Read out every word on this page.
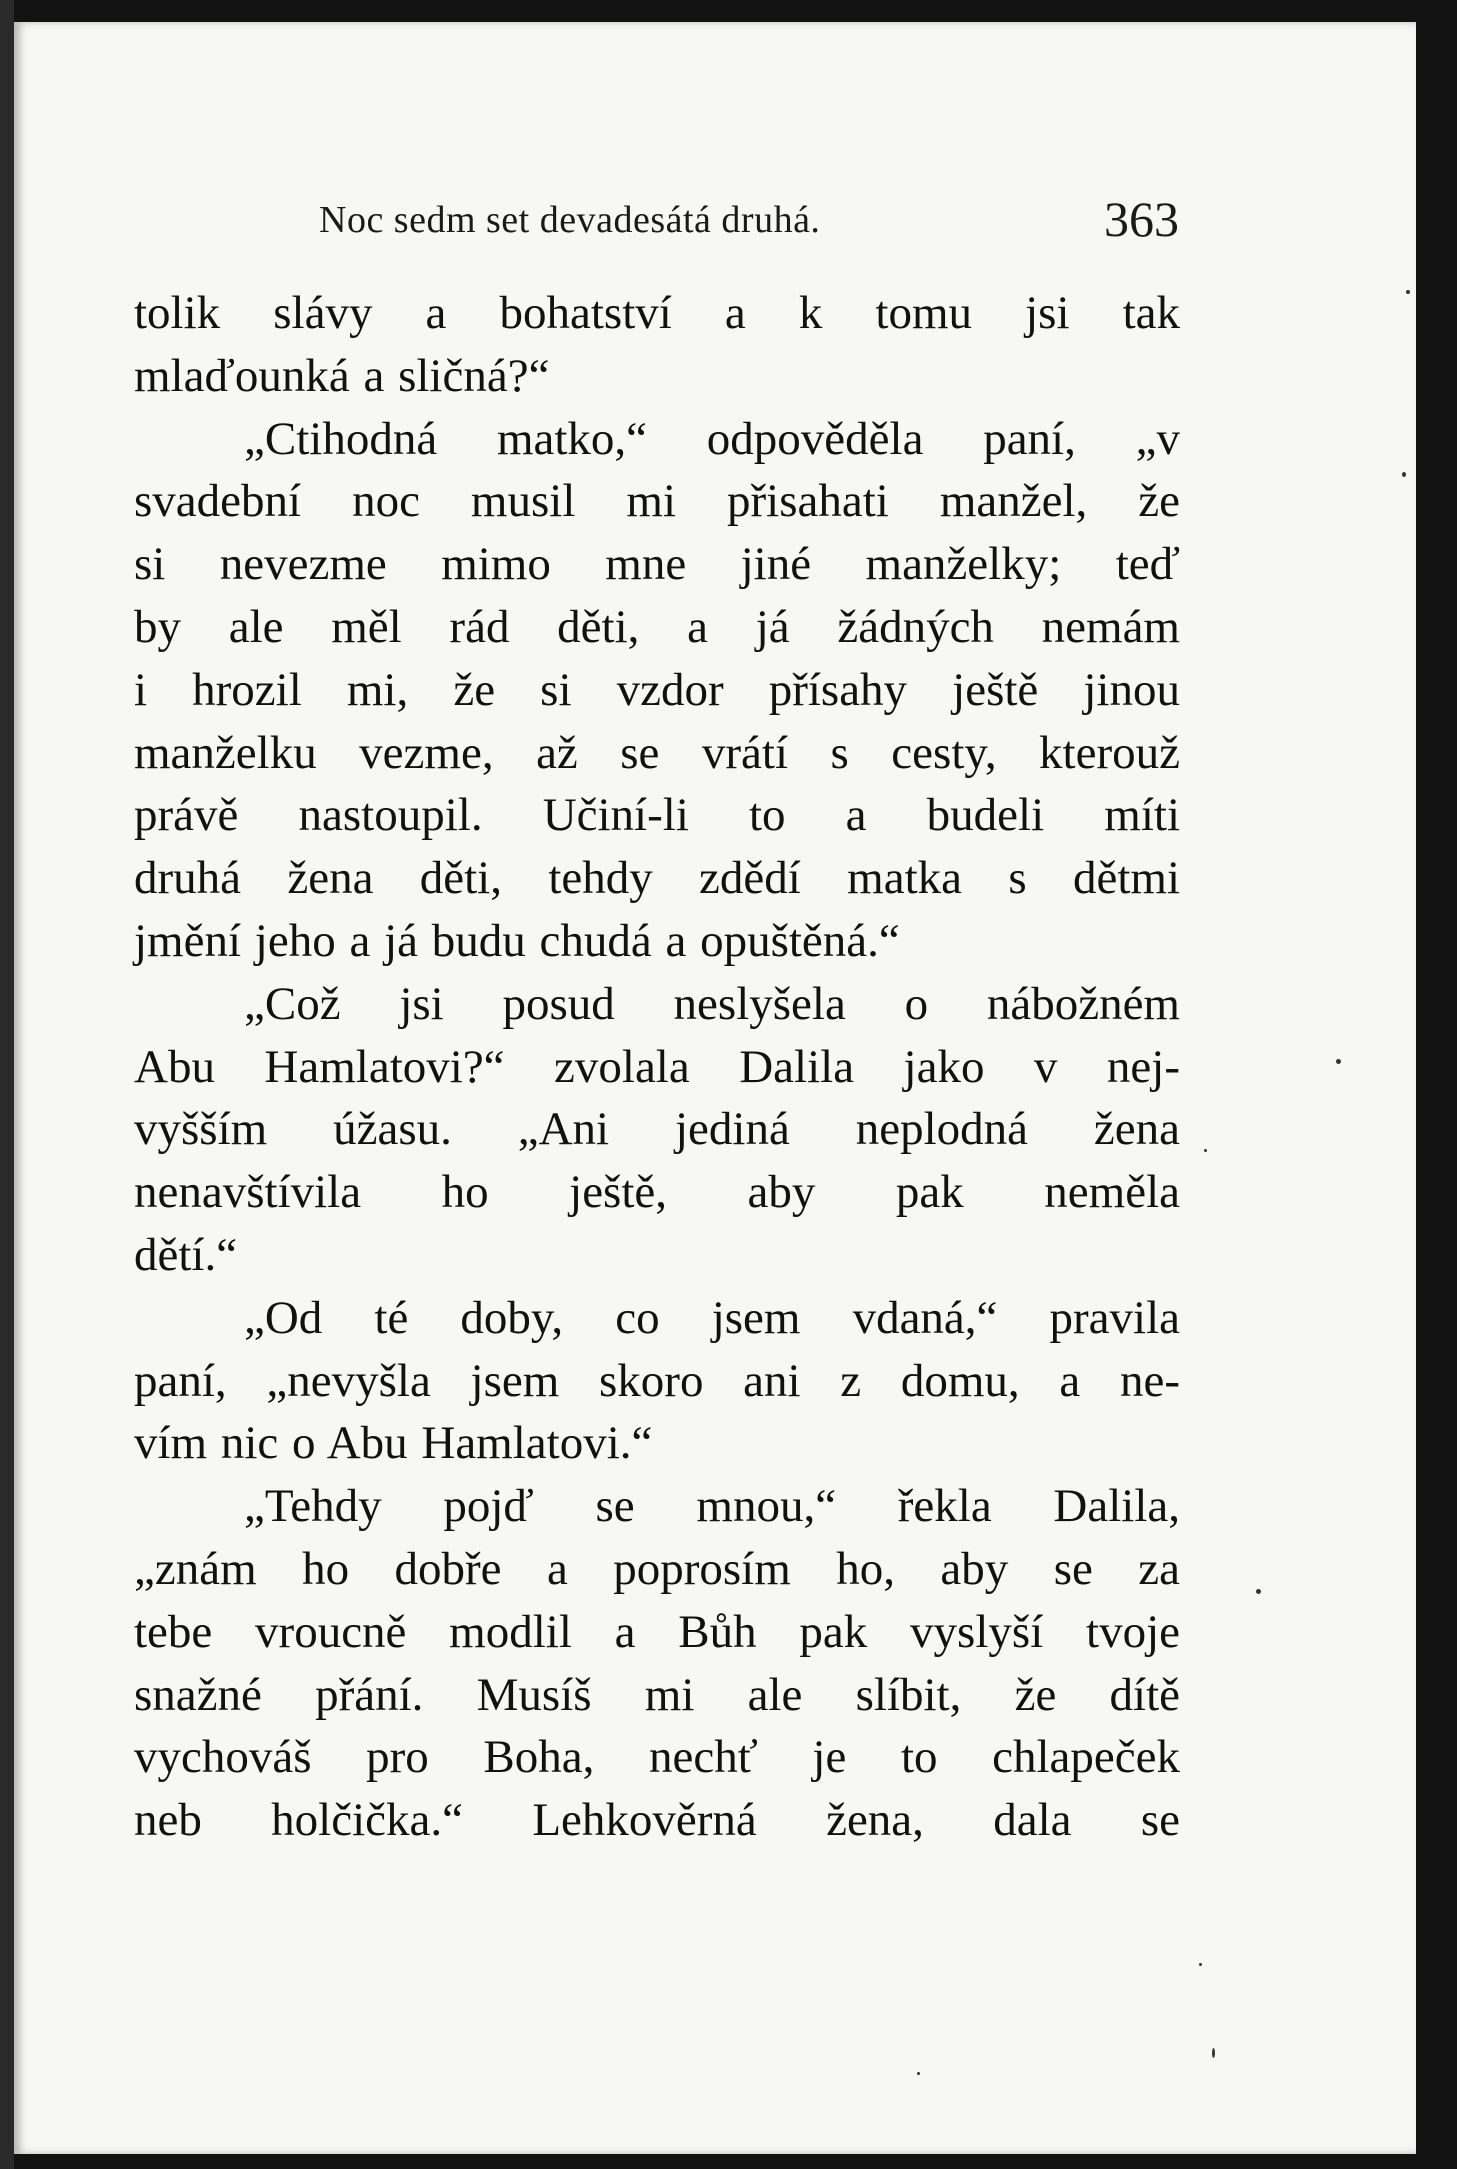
Noc sedm set devadesátá druhá.	363
tolik slávy a bohatství a k tomu jsi tak
mlaďounká a sličná?“
„Ctihodná matko,“ odpověděla paní, „v
svadební noc musil mi přisahati manžel, že
si nevezme mimo mne jiné manželky; teď
by ale měl rád děti, a já žádných nemám
i hrozil mi, že si vzdor přísahy ještě jinou
manželku vezme, až se vrátí s cesty, kterouž
právě nastoupil. Učiní-li to a budeli míti
druhá žena děti, tehdy zdědí matka s dětmi
jmění jeho a já budu chudá a opuštěná.“
„Což jsi posud neslyšela o nábožném
Abu Hamlatovi?“ zvolala Dalila jako v nej-
vyšším úžasu. „Ani jediná neplodná žena
nenavštívila ho ještě, aby pak neměla
dětí.“
„Od té doby, co jsem vdaná,“ pravila
paní, „nevyšla jsem skoro ani z domu, a ne-
vím nic o Abu Hamlatovi.“
„Tehdy pojď se mnou,“ řekla Dalila,
„znám ho dobře a poprosím ho, aby se za
tebe vroucně modlil a Bůh pak vyslyší tvoje
snažné přání. Musíš mi ale slíbit, že dítě
vychováš pro Boha, nechť je to chlapeček
neb holčička.“ Lehkověrná žena, dala se
